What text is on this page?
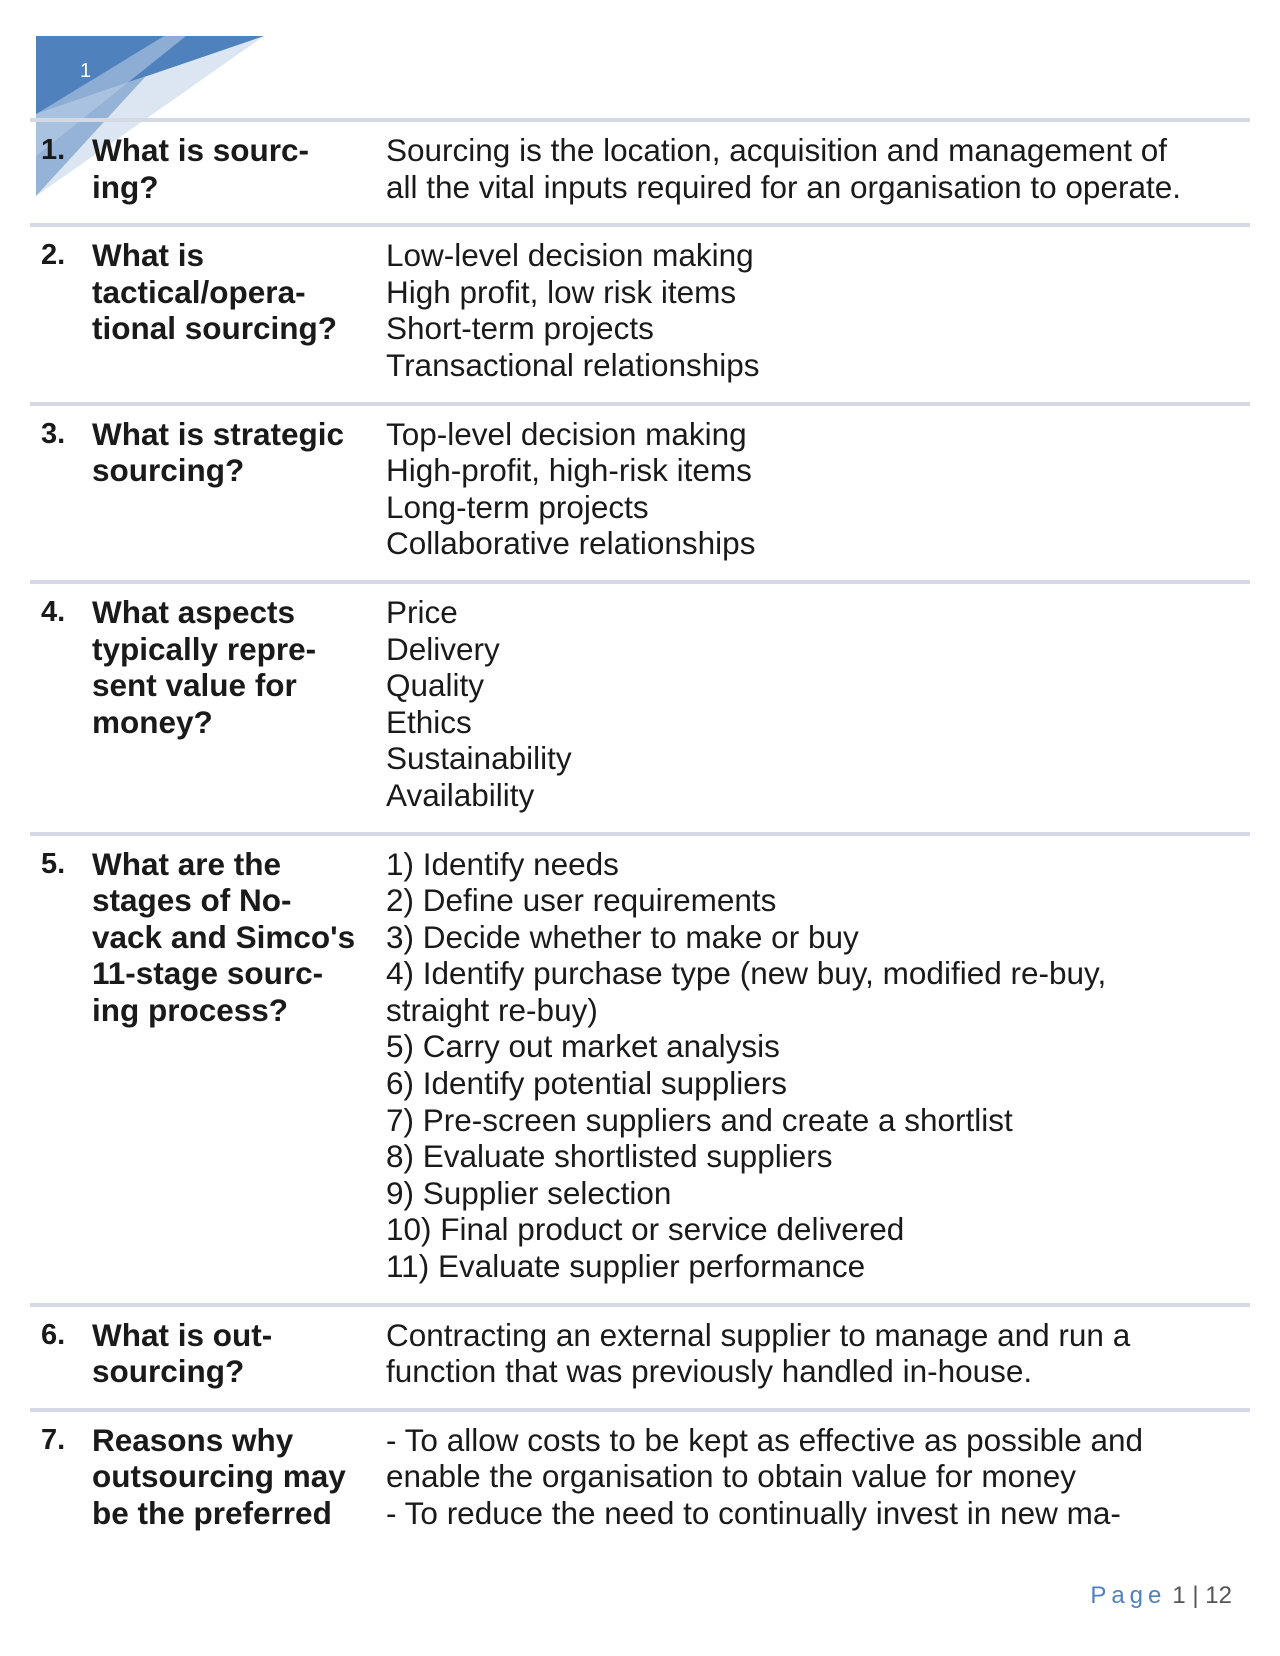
1
1. What is sourc-
ing?
Sourcing is the location, acquisition and management of
all the vital inputs required for an organisation to operate.
2. What is
tactical/opera-
tional sourcing?
Low-level decision making
High profit, low risk items
Short-term projects
Transactional relationships
3. What is strategic
sourcing?
Top-level decision making
High-profit, high-risk items
Long-term projects
Collaborative relationships
4. What aspects
typically repre-
sent value for
money?
Price
Delivery
Quality
Ethics
Sustainability
Availability
5. What are the
stages of No-
vack and Simco's
11-stage sourc-
ing process?
1) Identify needs
2) Define user requirements
3) Decide whether to make or buy
4) Identify purchase type (new buy, modified re-buy,
straight re-buy)
5) Carry out market analysis
6) Identify potential suppliers
7) Pre-screen suppliers and create a shortlist
8) Evaluate shortlisted suppliers
9) Supplier selection
10) Final product or service delivered
11) Evaluate supplier performance
6. What is out-
sourcing?
Contracting an external supplier to manage and run a
function that was previously handled in-house.
7. Reasons why
outsourcing may
be the preferred
- To allow costs to be kept as effective as possible and
enable the organisation to obtain value for money
- To reduce the need to continually invest in new ma-
Page 1 | 12
